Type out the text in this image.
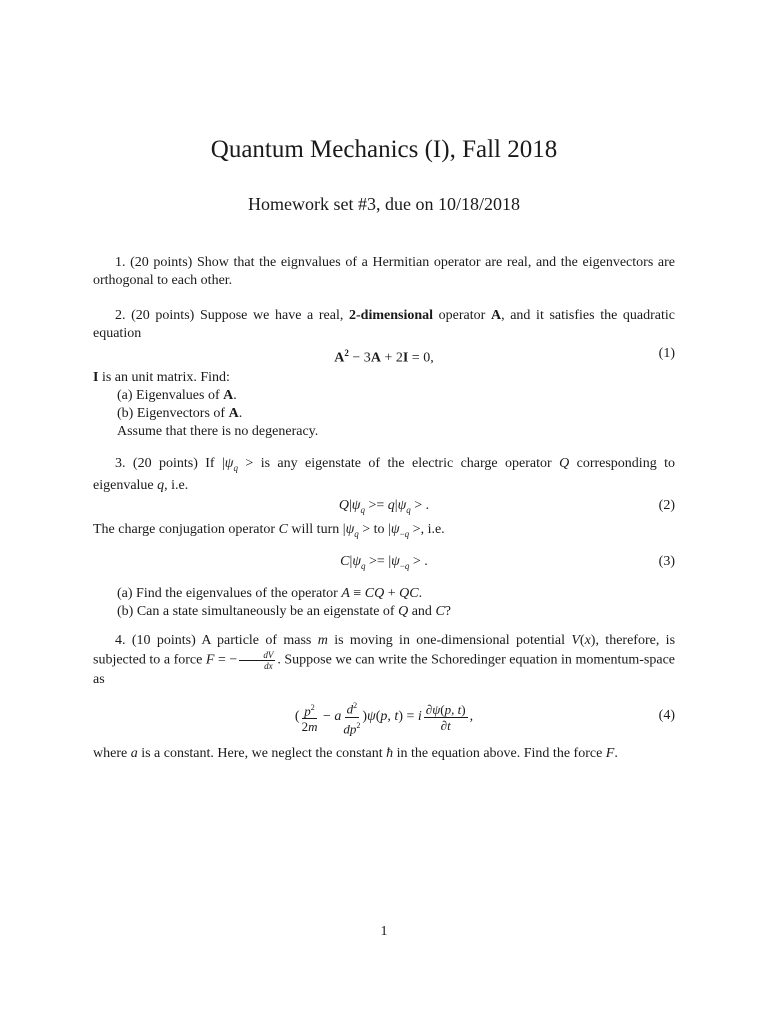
Quantum Mechanics (I), Fall 2018
Homework set #3, due on 10/18/2018

1. (20 points) Show that the eignvalues of a Hermitian operator are real, and the eigenvectors are orthogonal to each other.

2. (20 points) Suppose we have a real, 2-dimensional operator A, and it satisfies the quadratic equation

$A^2 - 3A + 2I = 0$,	(1)

I is an unit matrix. Find:

(a) Eigenvalues of A.

(b) Eigenvectors of A.

Assume that there is no degeneracy.

3. (20 points) If $|\psi_q$ > is any eigenstate of the electric charge operator Q corresponding to eigenvalue q, i.e.

$Q|\psi_q >= q|\psi_q$ > .	(2)

The charge conjugation operator C will turn $|\psi_q$ > to $|\psi_{-q}$ >, i.e.

$C|\psi_q >= |\psi_{-q}$ > .	(3)

(a) Find the eigenvalues of the operator A ≡ CQ + QC.

(b) Can a state simultaneously be an eigenstate of Q and C?

4. (10 points) A particle of mass m is moving in one-dimensional potential V(x), therefore, is subjected to a force F = − $\frac{dV}{dx}$ . Suppose we can write the Schoredinger equation in momentum-space as

( $\frac{p^2}{2m} - a \frac{d^2}{dp^2} )\psi(p$, t) = i $\frac{\partial\psi(p, t)}{\partial t}$ ,	(4)

where a is a constant. Here, we neglect the constant ħ in the equation above. Find the force F.

1
